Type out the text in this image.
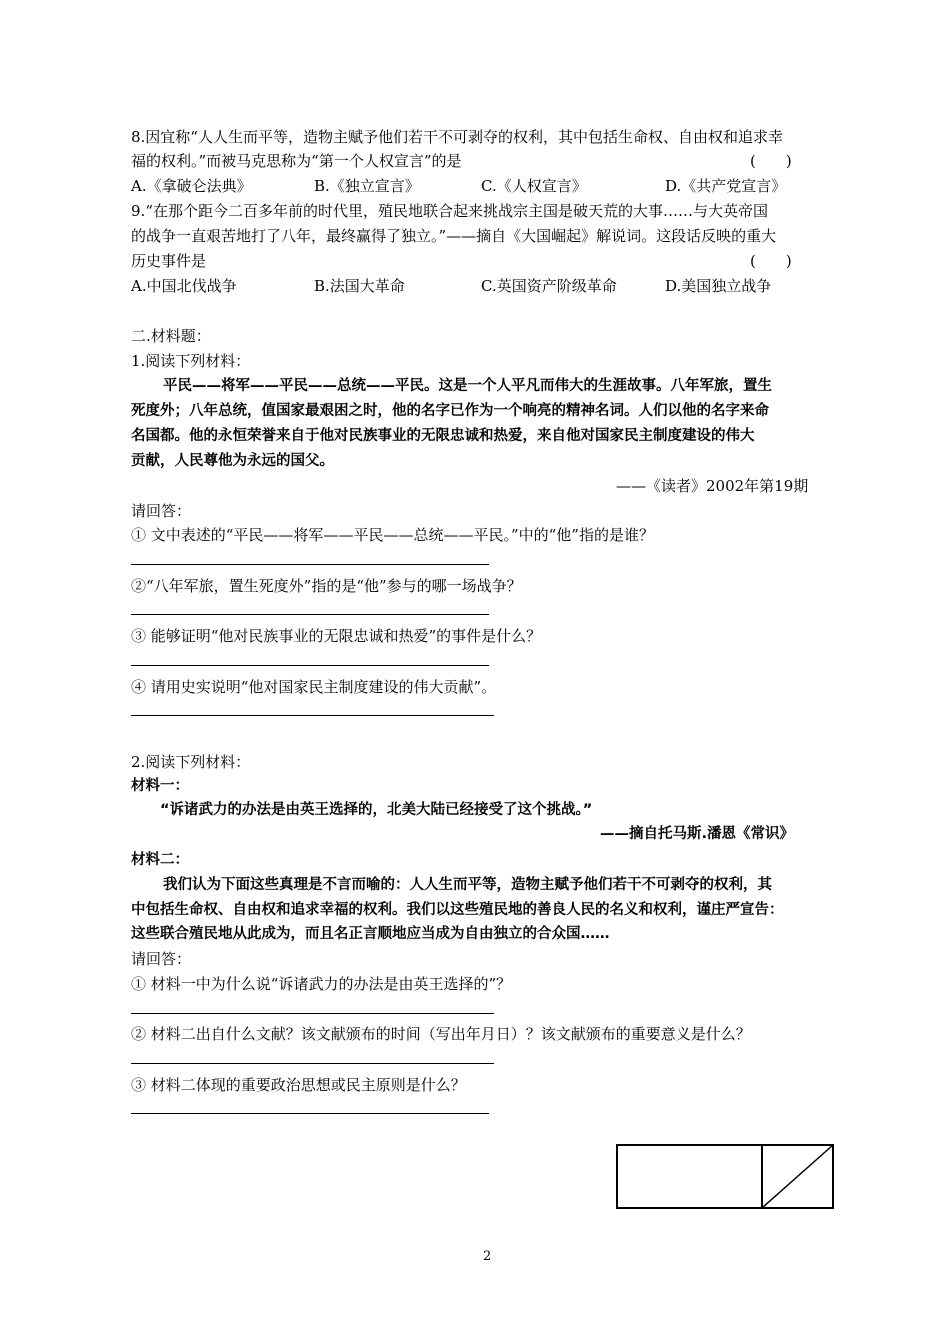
8.因宜称“人人生而平等，造物主赋予他们若干不可剥夺的权利，其中包括生命权、自由权和追求幸
福的权利。”而被马克思称为“第一个人权宣言”的是	(　　)
A.《拿破仑法典》	B.《独立宣言》	C.《人权宣言》	D.《共产党宣言》
9.“在那个距今二百多年前的时代里，殖民地联合起来挑战宗主国是破天荒的大事……与大英帝国
的战争一直艰苦地打了八年，最终赢得了独立。”——摘自《大国崛起》解说词。这段话反映的重大
历史事件是	(　　)
A.中国北伐战争	B.法国大革命	C.英国资产阶级革命	D.美国独立战争
二.材料题：
1.阅读下列材料：
平民——将军——平民——总统——平民。这是一个人平凡而伟大的生涯故事。八年军旅，置生
死度外；八年总统，值国家最艰困之时，他的名字已作为一个响亮的精神名词。人们以他的名字来命
名国都。他的永恒荣誉来自于他对民族事业的无限忠诚和热爱，来自他对国家民主制度建设的伟大
贡献，人民尊他为永远的国父。
——《读者》2002年第19期
请回答：
① 文中表述的“平民——将军——平民——总统——平民。”中的“他”指的是谁？
②“八年军旅，置生死度外”指的是“他”参与的哪一场战争？
③ 能够证明“他对民族事业的无限忠诚和热爱”的事件是什么？
④ 请用史实说明“他对国家民主制度建设的伟大贡献”。
2.阅读下列材料：
材料一：
“诉诸武力的办法是由英王选择的，北美大陆已经接受了这个挑战。”
——摘自托马斯.潘恩《常识》
材料二：
我们认为下面这些真理是不言而喻的：人人生而平等，造物主赋予他们若干不可剥夺的权利，其
中包括生命权、自由权和追求幸福的权利。我们以这些殖民地的善良人民的名义和权利，谨庄严宣告：
这些联合殖民地从此成为，而且名正言顺地应当成为自由独立的合众国……
请回答：
① 材料一中为什么说“诉诸武力的办法是由英王选择的”？
② 材料二出自什么文献？该文献颁布的时间（写出年月日）？该文献颁布的重要意义是什么？
③ 材料二体现的重要政治思想或民主原则是什么？
2
